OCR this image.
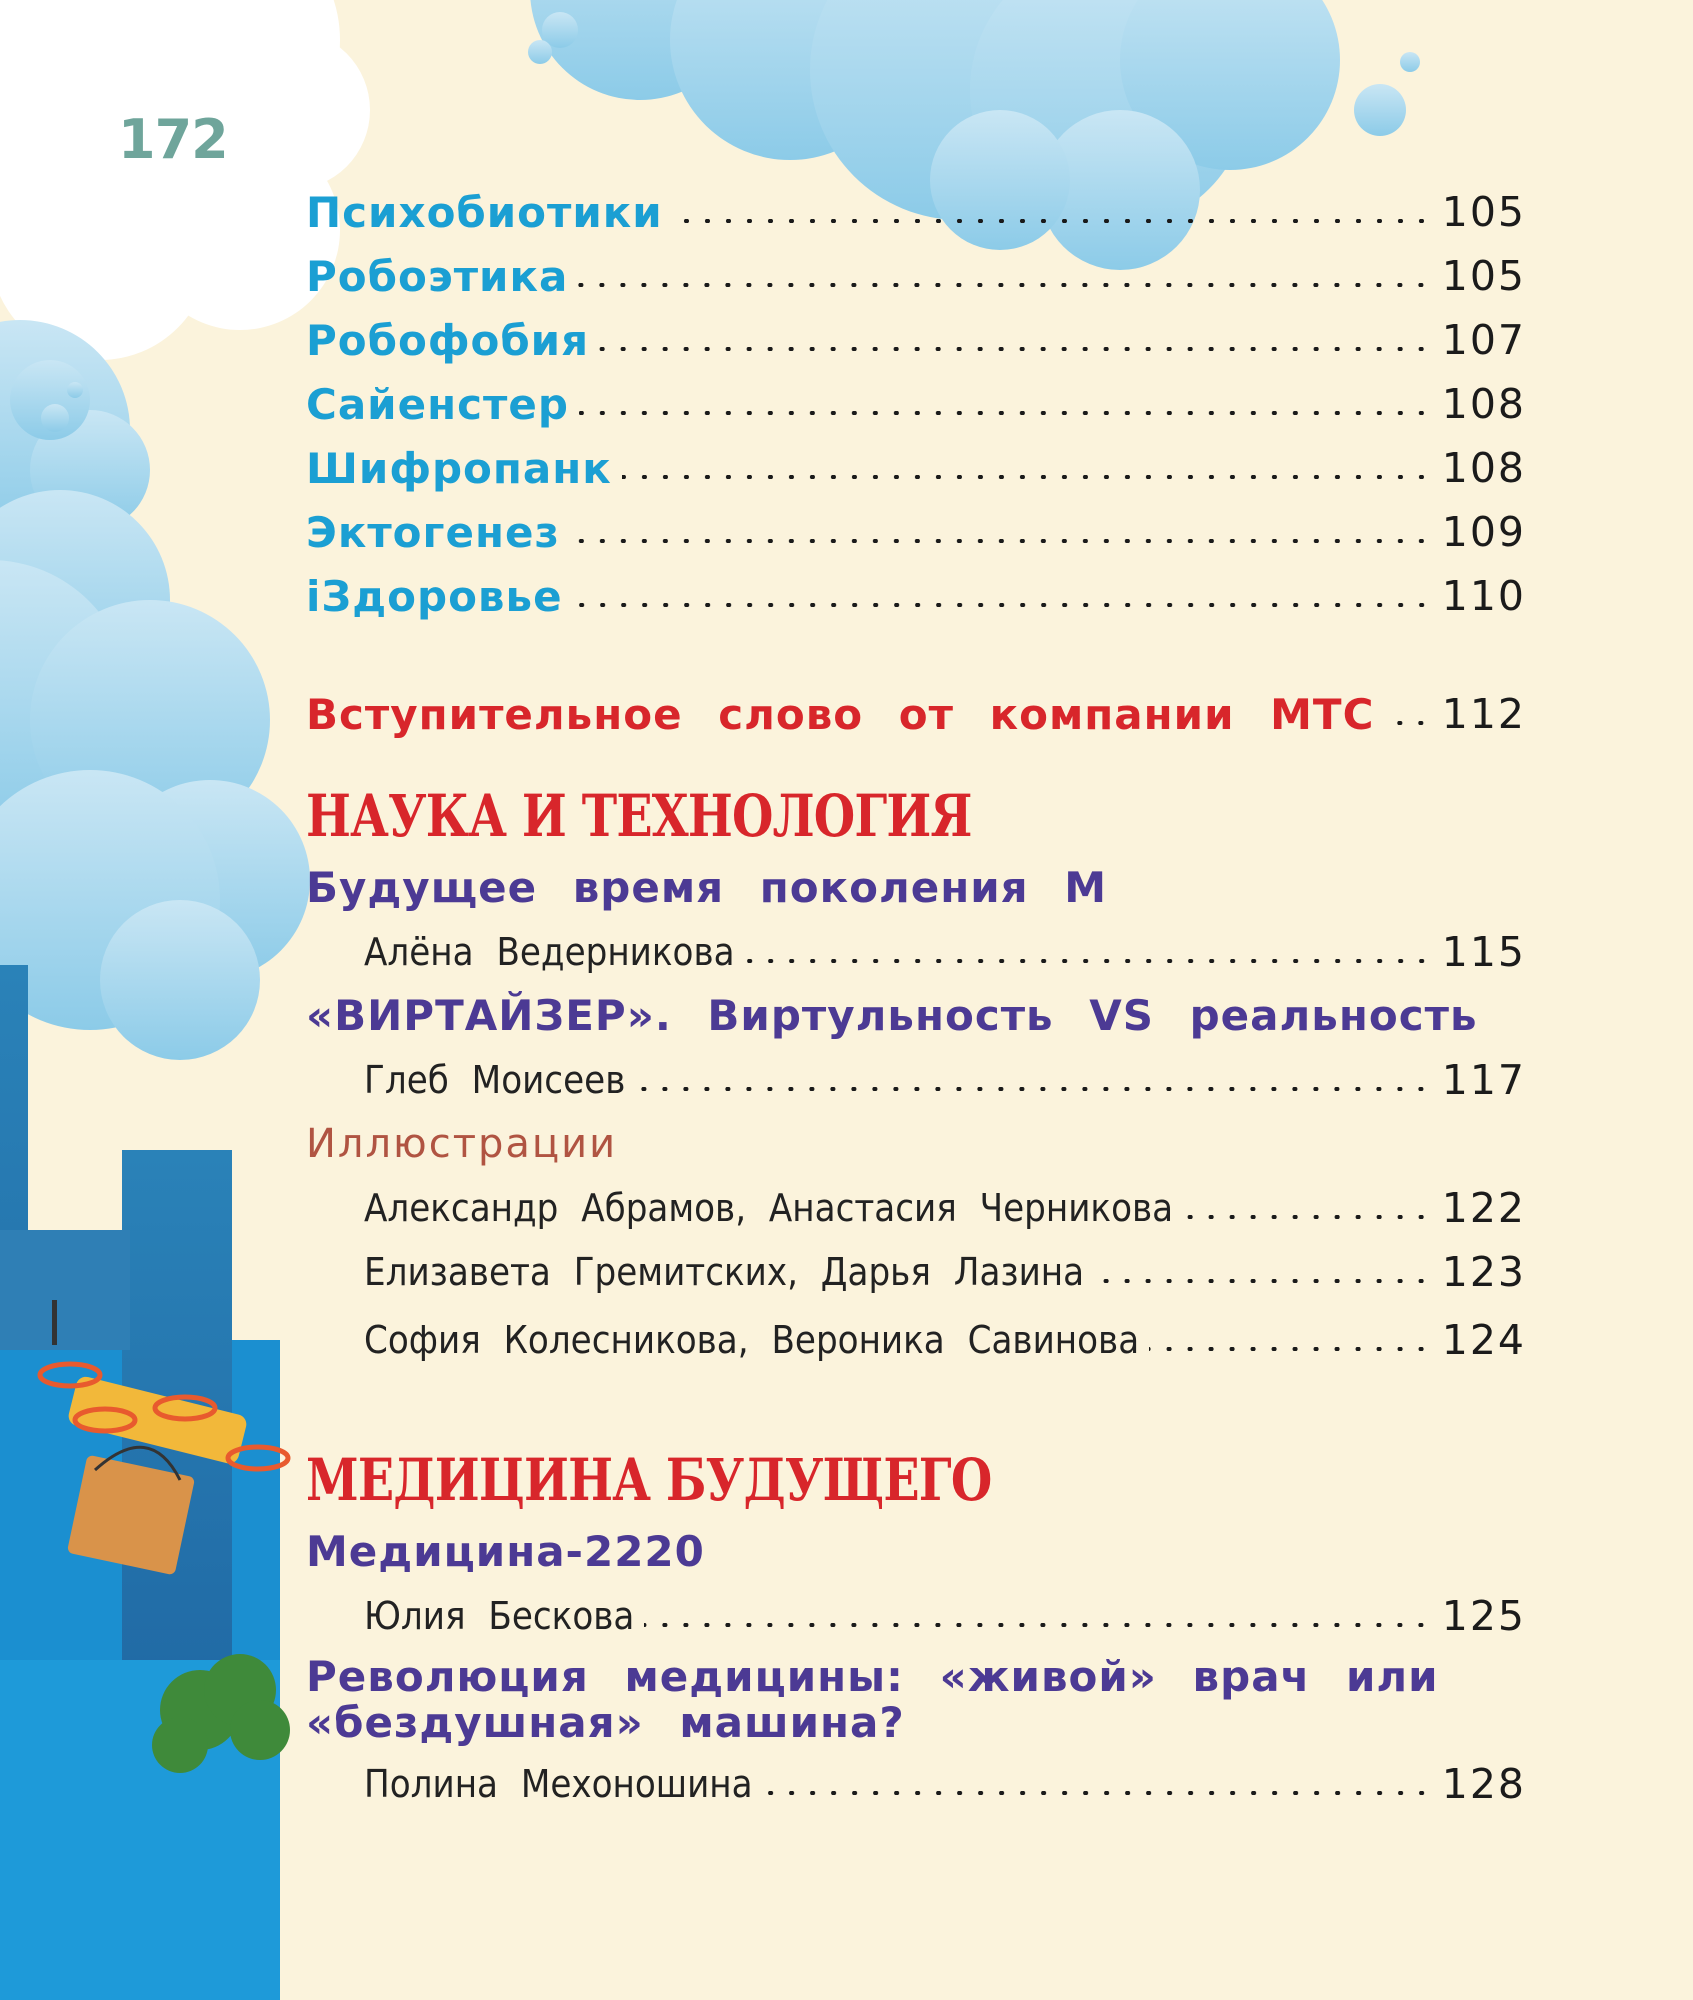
172
Психобиотики	105
Робоэтика	105
Робофобия	107
Сайенстер	108
Шифропанк	108
Эктогенез	109
iЗдоровье	110
Вступительное слово от компании МТС 112
НАУКА И ТЕХНОЛОГИЯ
Будущее время поколения М
Алёна Ведерникова	115
«ВИРТАЙЗЕР». Виртульность VS реальность
Глеб Моисеев	117
Иллюстрации
Александр Абрамов, Анастасия Черникова	122
Елизавета Гремитских, Дарья Лазина	123
София Колесникова, Вероника Савинова	124
МЕДИЦИНА БУДУЩЕГО
Медицина-2220
Юлия Бескова	125
Революция медицины: «живой» врач или
«бездушная» машина?
Полина Мехоношина	128
